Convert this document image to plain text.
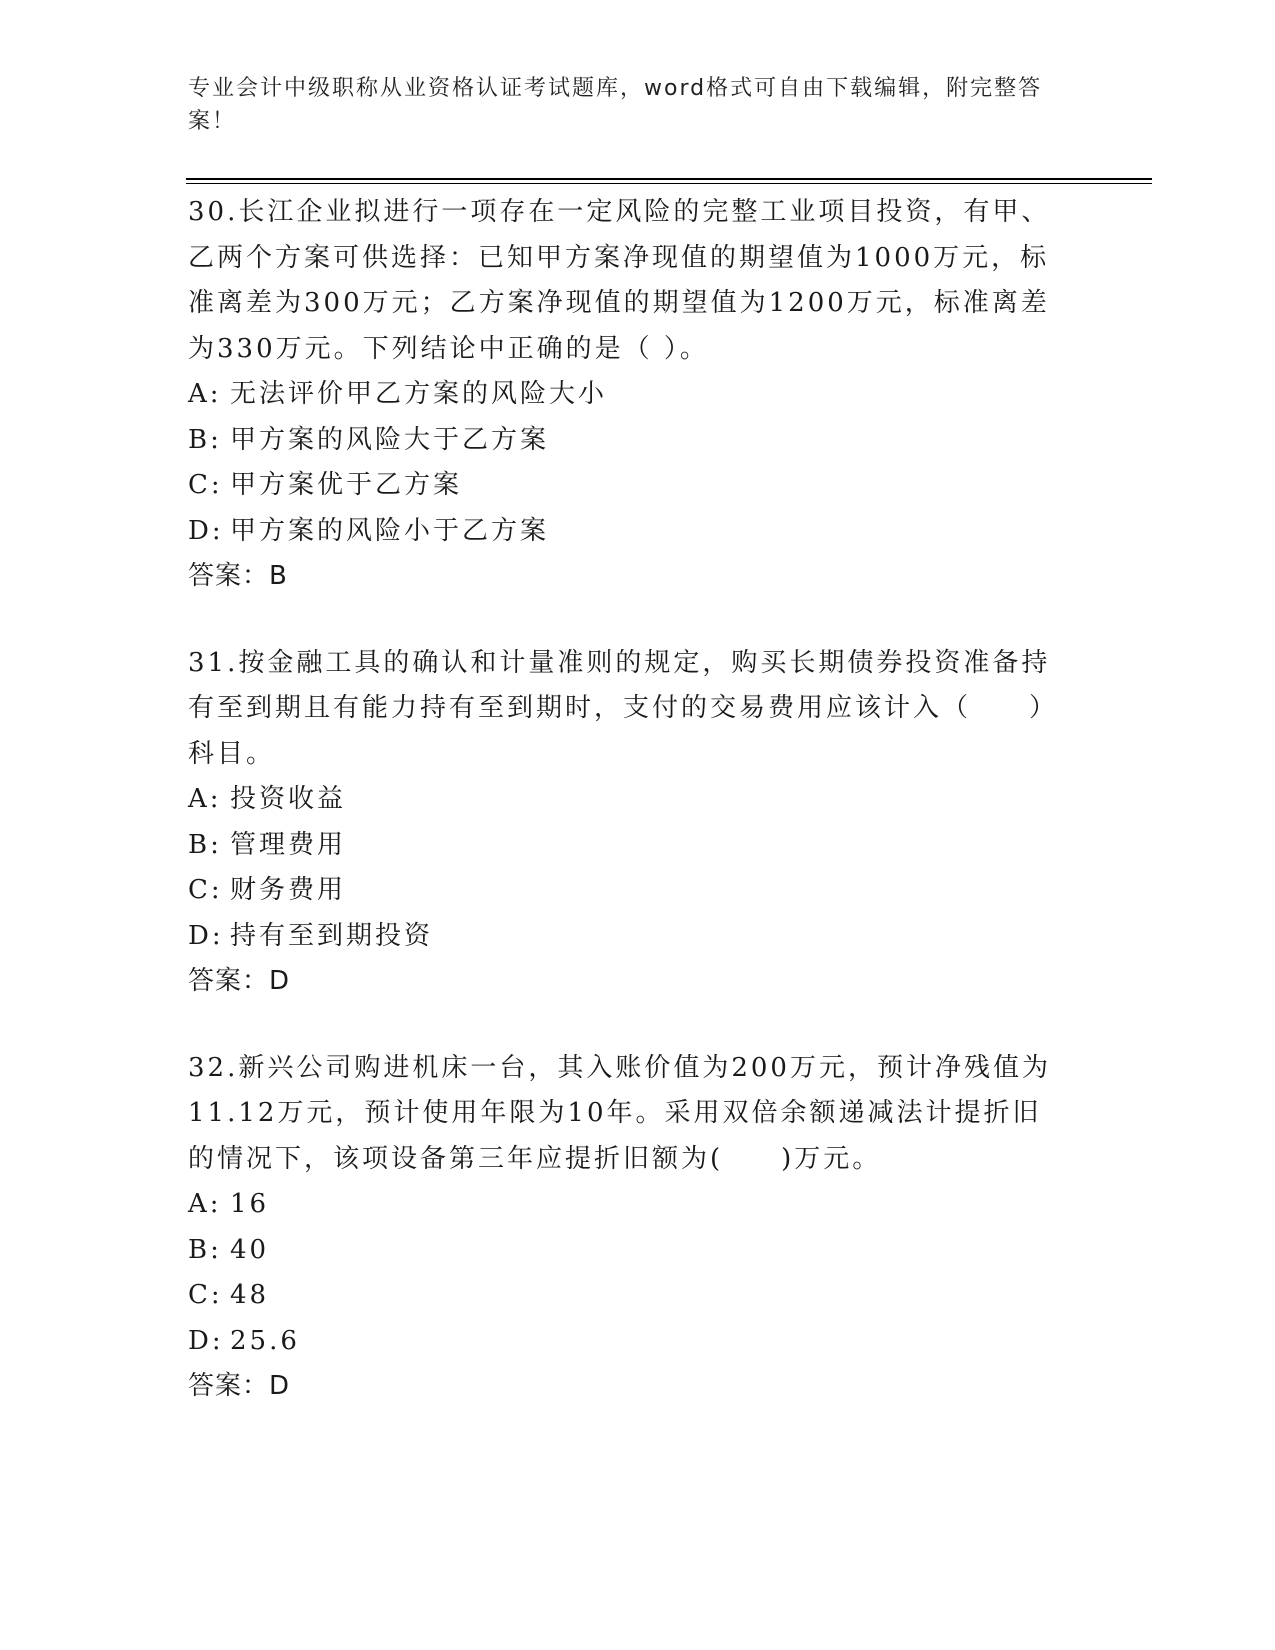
专业会计中级职称从业资格认证考试题库，word格式可自由下载编辑，附完整答案！

30.长江企业拟进行一项存在一定风险的完整工业项目投资，有甲、乙两个方案可供选择：已知甲方案净现值的期望值为1000万元，标准离差为300万元；乙方案净现值的期望值为1200万元，标准离差为330万元。下列结论中正确的是（ ）。

A: 无法评价甲乙方案的风险大小
B: 甲方案的风险大于乙方案
C: 甲方案优于乙方案
D: 甲方案的风险小于乙方案

答案：B

31.按金融工具的确认和计量准则的规定，购买长期债券投资准备持有至到期且有能力持有至到期时，支付的交易费用应该计入（　　）科目。

A: 投资收益
B: 管理费用
C: 财务费用
D: 持有至到期投资

答案：D

32.新兴公司购进机床一台，其入账价值为200万元，预计净残值为11.12万元，预计使用年限为10年。采用双倍余额递减法计提折旧的情况下，该项设备第三年应提折旧额为(　　)万元。

A: 16
B: 40
C: 48
D: 25.6

答案：D
